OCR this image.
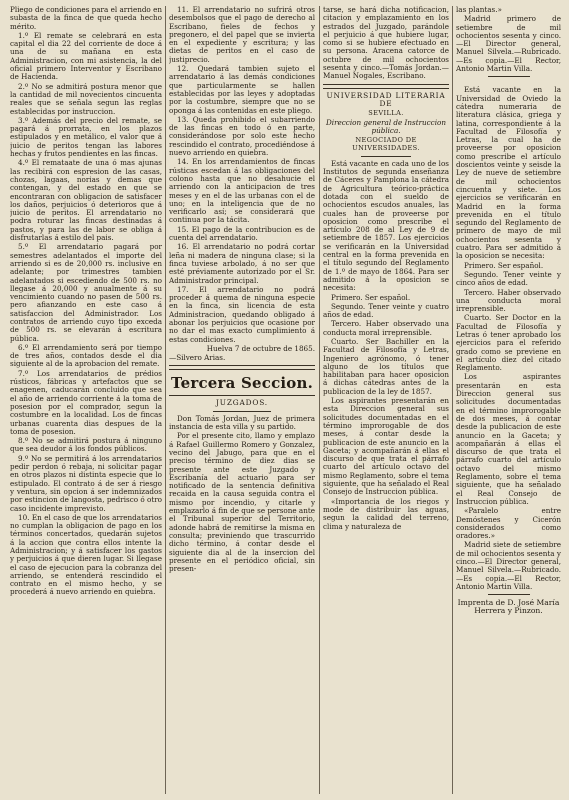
Pliego de condiciones para el arriendo en subasta de la finca de que queda hecho mérito.

1.º El remate se celebrará en esta capital el dia 22 del corriente de doce á una de su mañana en esta Administracion, con mi asistencia, la del oficial primero Interventor y Escribano de Hacienda.

2.º No se admitirá postura menor que la cantidad de mil novecientos cincuenta reales que se señala segun las reglas establecidas por instruccion.

3.º Además del precio del remate, se pagará á prorrata, en los plazos estipulados y en metálico, el valor que á juicio de peritos tengan las labores hechas y frutos pendientes en las fincas.

4.º El remataate de una ó mas ajunas las recibirá con espresion de las casas, chozas, lagaas, norias y demas que contengan, y del estado en que se encontraran con obligacion de satisfacer los daños, perjuicios ó deterioros que á juicio de peritos. El arrendatario no podra roturar las fincas destinadas á pastos, y para las de labor se obliga á disfrutarlas á estilo del pais.

5.º El arrendatario pagará por semestres adelantados el importe del arriendo si es de 20,000 rs. inclusive en adelante; por trimestres tambien adelantados si escediendo de 500 rs. no llegase á 20,000 y anualmente á su vencimiento cuando no pasen de 500 rs. pero afianzando en este caso á satisfaccion del Administrador. Los contratos de arriendo cuyo tipo exceda de 500 rs. se elevarán á escritura pública.

6.º El arrendamiento será por tiempo de tres años, contados desde el dia siguiente al de la aprobacion del remate.

7.º Los arrendatarios de prédios rústicos, fábricas y artefactos que se enagenen, caducarán concluido que sea el año de arriendo corriente á la toma de posesion por el comprador, segun la costumbre en la localidad. Los de fincas urbanas cuarenta dias despues de la toma de posesion.

8.º No se admitirá postura á ninguno que sea deudor á los fondos públicos.

9.º No se permitirá á los arrendatarios pedir perdon ó rebaja, ni solicitar pagar en otros plazos ni distinta especie que lo estipulado. El contrato á de ser á riesgo y ventura, sin opcion á ser indemnizados por estincion de langosta, pedrisco ó otro caso incidente imprevisto.

10. En el caso de que los arrendatarios no cumplan la obligacion de pago en los términos concertados, quedarán sujetos á la accion que contra ellos intente la Administracion; y á satisfacer los gastos y perjuicios á que dieren lugar. Si llegase el caso de ejecucion para la cobranza del arriendo, se entenderá rescindido el contrato en el mismo hecho, y se procederá á nuevo arriendo en quiebra.

11. El arrendatario no sufrirá otros desembolsos que el pago de derecho al Escribano, fieles de fechos y pregonero, el del papel que se invierta en el expediente y escritura; y las dietas de peritos en el caso de justiprecio.

12. Quedará tambien sujeto el arrendatario á las demás condiciones que particularmente se hallen establecidas por las leyes y adoptadas por la costumbre, siempre que no se oponga á las contenidas en este pliego.

13. Queda prohibido el subarriendo de las fincas en todo ó en parte, considerándose por solo este hecho rescindido el contrato, procediéndose á nuevo arriendo en quiebra.

14. En los arrendamientos de fincas rústicas escedan á las obligaciones del colono hasta que no desahucie el arriendo con la anticipacion de tres meses y en el de las urbanas con el de uno; en la inteligencia que de no verificarlo así; se considerará que continua por la tácita.

15. El pago de la contribucion es de cuenta del arrendatario.

16. El arrendatario no podrá cortar leña ni madera de ninguna clase; si la finca tuviese arbolado, á no ser que esté préviamente autorizado por el Sr. Administrador principal.

17. El arrendatario no podrá proceder á quema de ninguna especie en la finca, sin licencia de esta Administracion, quedando obligado á abonar los perjuicios que ocasione por no dar el mas exacto cumplimiento á estas condiciones.

Huelva 7 de octubre de 1865.

—Silvero Arias.

Tercera Seccion.

JUZGADOS.

Don Tomás Jordan, Juez de primera instancia de esta villa y su partido.

Por el presente cito, llamo y emplazo á Rafael Guillermo Romero y Gonzalez, vecino del Jabugo, para que en el preciso término de diez dias se presente ante este Juzgado y Escribanía del actuario para ser notificado de la sentencia definitiva recaida en la causa seguida contra el mismo por incendio, y citarle y emplazarlo á fin de que se persone ante el Tribunal superior del Territorio, adonde habrá de remitirse la misma en consulta; previniendo que trascurrido dicho término, á contar desde el siguiente dia al de la insercion del presente en el periódico oficial, sin presen-

tarse, se hará dicha notificacion, citacion y emplazamiento en los estrados del Juzgado, parándole el perjuicio á que hubiere lugar, como si se hubiere efectuado en su persona. Aracena catorce de octubre de mil ochocientos sesenta y cinco.—Tomás Jordan.—Manuel Nogales, Escribano.

UNIVERSIDAD LITERARIA DE

SEVILLA.

Direccion general de Instruccion pública.

NEGOCIADO DE UNIVERSIDADES.

Está vacante en cada uno de los Institutos de segunda enseñanza de Cáceres y Pamplona la cátedra de Agricultura teórico-práctica dotada con el sueldo de ochocientos escudos anuales, las cuales han de proveerse por oposicion como prescribe el artículo 208 de al Ley de 9 de setiembre de 1857. Los ejercicios se verificarán en la Universidad central en la forma prevenida en el título segundo del Reglamento de 1.º de mayo de 1864. Para ser admitido á la oposicion se necesita:

Primero. Ser español.

Segundo. Tener veinte y cuatro años de edad.

Tercero. Haber observado una conducta moral irreprensible.

Cuarto. Ser Bachiller en la Facultad de Filosofía y Letras, Ingeniero agrónomo, ó tener alguno de los títulos que habilitaban para hacer oposicion á dichas cátedras antes de la publicacion de la ley de 1857.

Los aspirantes presentarán en esta Direccion general sus solicitudes documentadas en el término improrogable de dos meses, á contar desde la publicacion de este anuncio en la Gaceta; y acompañarán á ellas el discurso de que trata el párrafo cuarto del artículo octavo del mismo Reglamento, sobre el tema siguiente, que ha señalado el Real Consejo de Instruccion pública.

«Importancia de los riegos y mode de distribuir las aguas, segun la calidad del terreno, clima y naturaleza de

las plantas.»

Madrid primero de setiembre de mil ochocientos sesenta y cinco.—El Director general, Manuel Silvela.—Rubricado.—Es copia.—El Rector, Antonio Martin Villa.

Está vacante en la Universidad de Oviedo la cátedra numeraria de literatura clásica, griega y latina, correspondiente á la Facultad de Filosofía y Letras, la cual ha de proveerse por oposicion como prescribe el artículo doscientos veinte y seisde la Ley de nueve de setiembre de mil ochocientos cincuenta y siete. Los ejercicios se verificarán en Madrid en la forma prevenida en el título segundo del Reglamento de primero de mayo de mil ochocientos sesenta y cuatro. Para ser admitido á la oposicion se necesita:

Primero. Ser español.

Segundo. Tener veinte y cinco años de edad.

Tercero. Haber observado una conducta moral irreprensible.

Cuarto. Ser Doctor en la Facultad de Filosofía y Letras ó tener aprobado los ejercicios para el referido grado como se previene en el artículo diez del citado Reglamento.

Los aspirantes presentarán en esta Direccion general sus solicitudes documentadas en el término improrogable de dos meses, á contar desde la publicacion de este anuncio en la Gaceta; y acompañarán á ellas el discurso de que trata el párrafo cuarto del artículo octavo del mismo Reglamento, sobre el tema siguiente, que ha señalado el Real Consejo de Instruccion pública.

«Paralelo entre Demóstenes y Cicerón considerados como oradores.»

Madrid siete de setiembre de mil ochocientos sesenta y cinco.—El Director general, Manuel Silvela.—Rubricado.—Es copia.—El Rector, Antonio Martin Villa.

Imprenta de D. José María Herrera y Pinzon.
